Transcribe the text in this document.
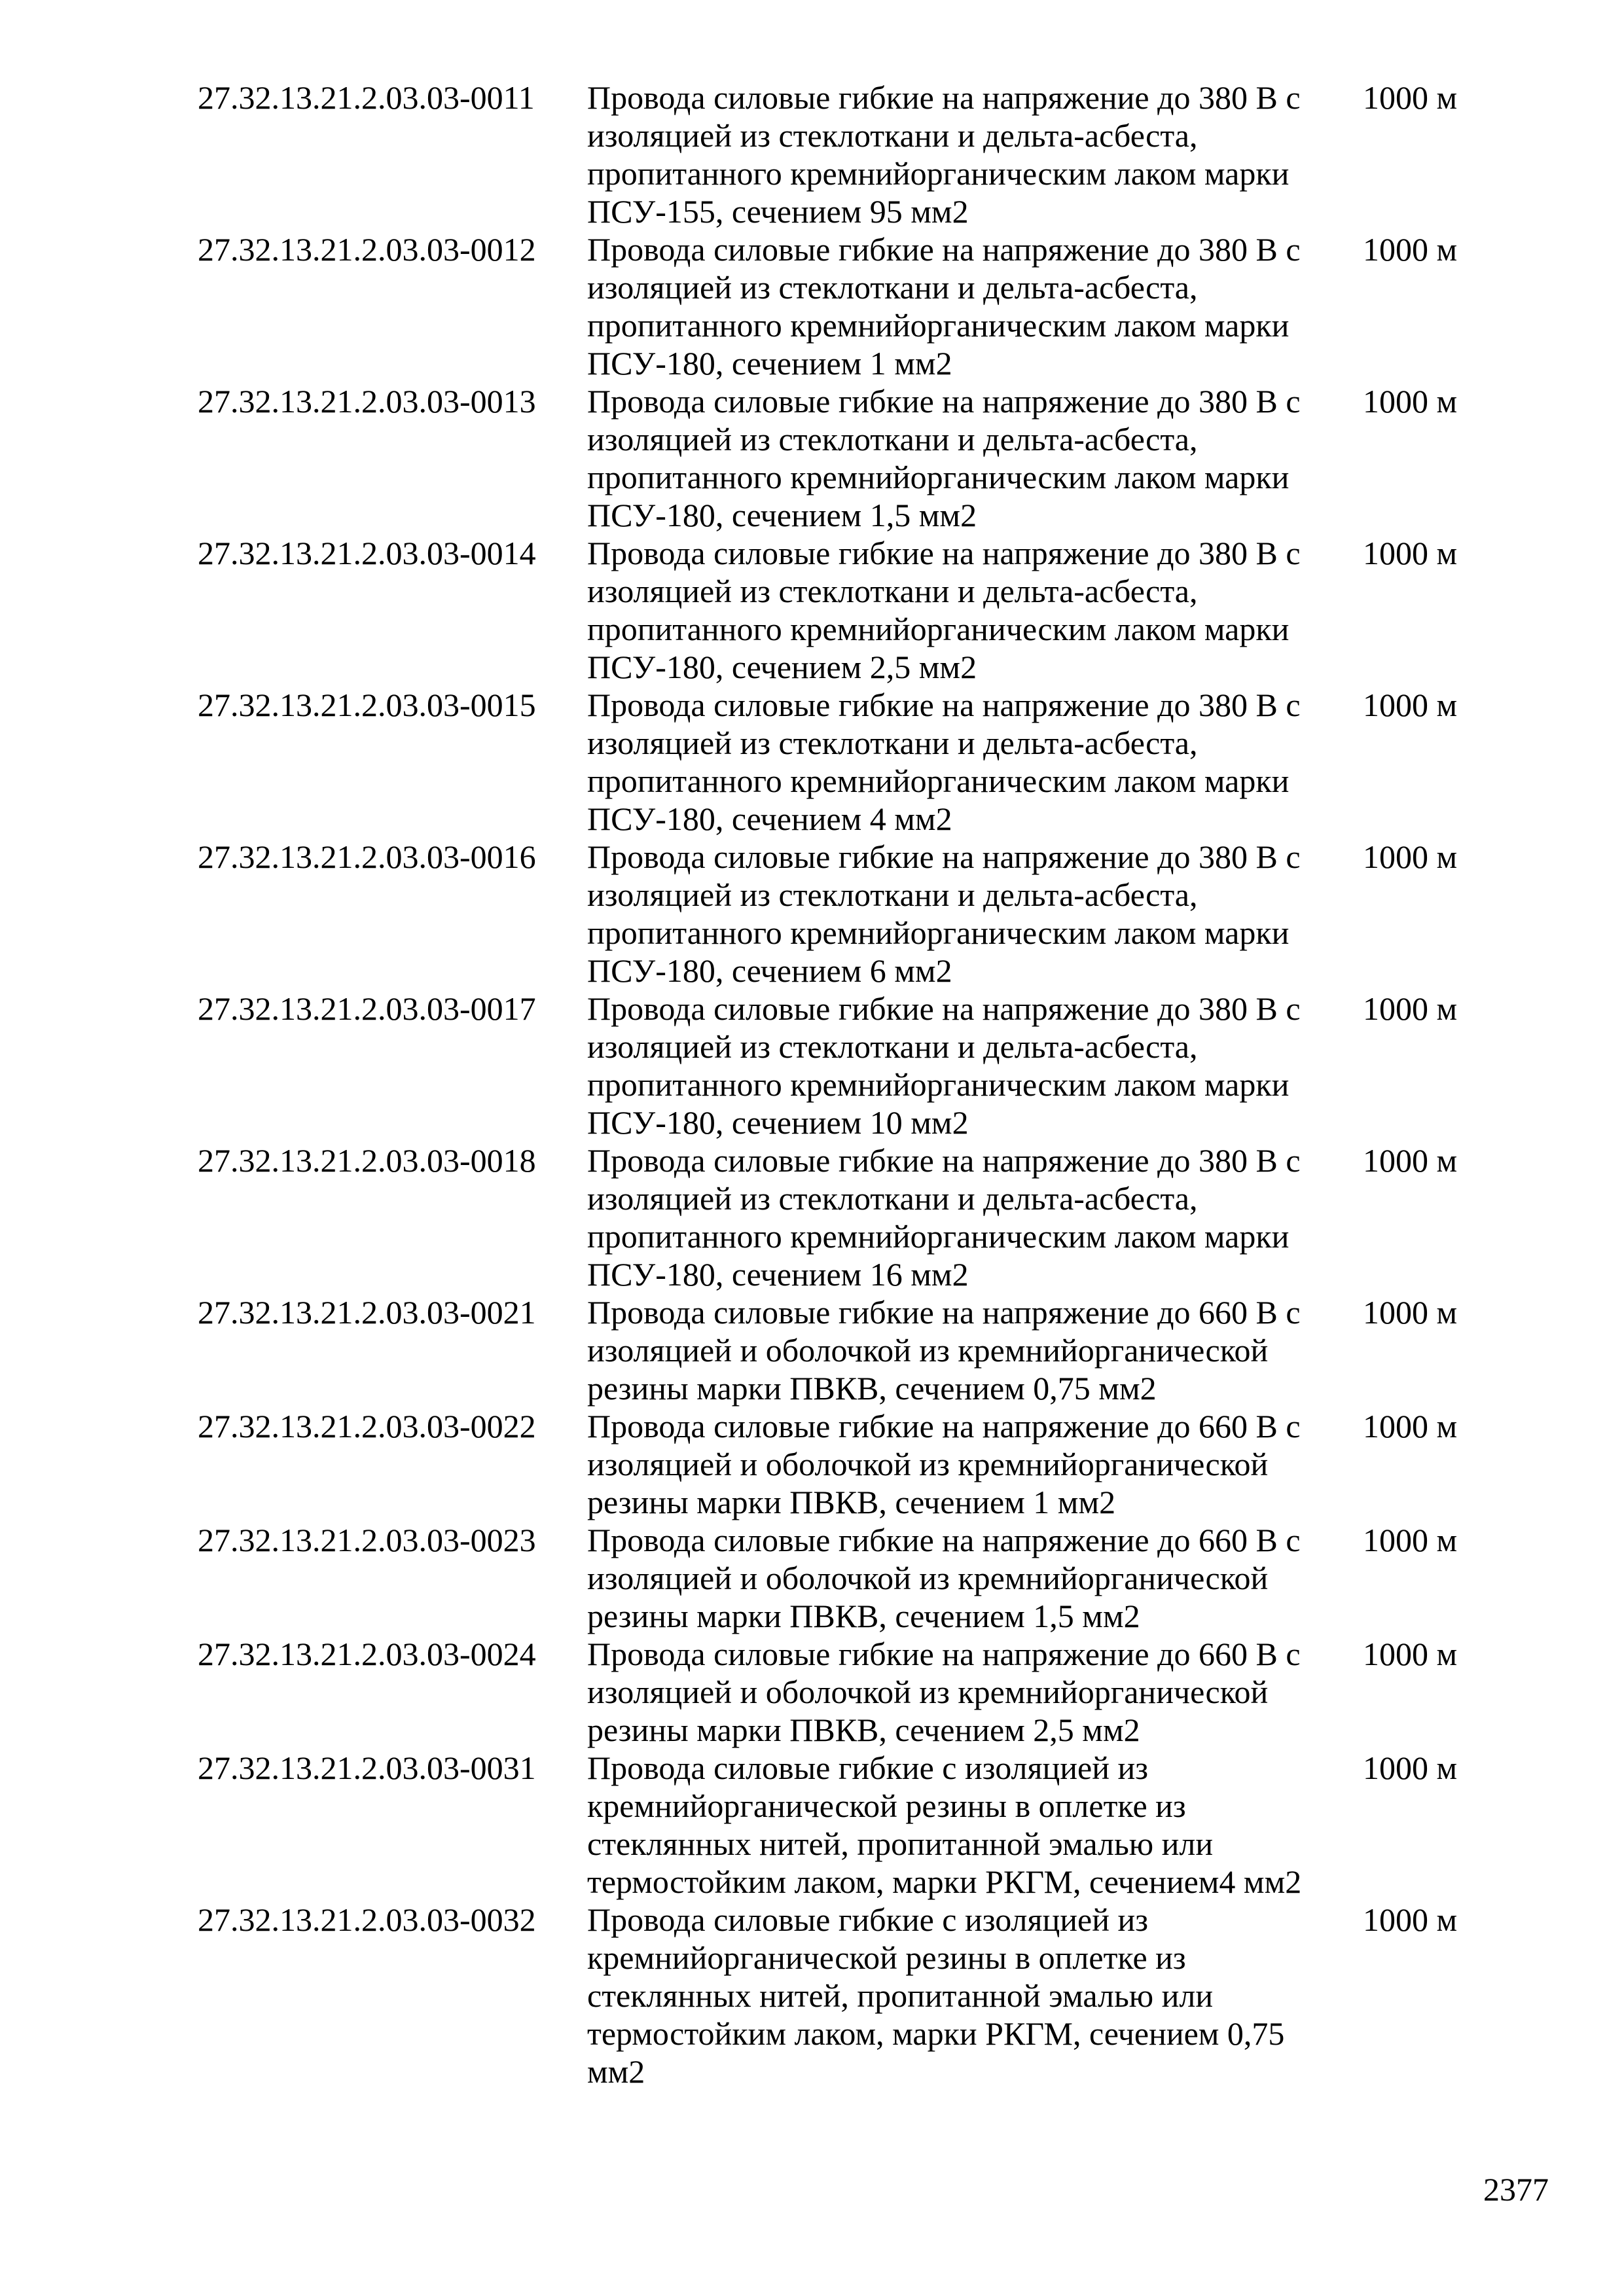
27.32.13.21.2.03.03-0011 Провода силовые гибкие на напряжение до 380 В с
изоляцией из стеклоткани и дельта-асбеста,
пропитанного кремнийорганическим лаком марки
ПСУ-155, сечением 95 мм2
1000 м
27.32.13.21.2.03.03-0012 Провода силовые гибкие на напряжение до 380 В с
изоляцией из стеклоткани и дельта-асбеста,
пропитанного кремнийорганическим лаком марки
ПСУ-180, сечением 1 мм2
1000 м
27.32.13.21.2.03.03-0013 Провода силовые гибкие на напряжение до 380 В с
изоляцией из стеклоткани и дельта-асбеста,
пропитанного кремнийорганическим лаком марки
ПСУ-180, сечением 1,5 мм2
1000 м
27.32.13.21.2.03.03-0014 Провода силовые гибкие на напряжение до 380 В с
изоляцией из стеклоткани и дельта-асбеста,
пропитанного кремнийорганическим лаком марки
ПСУ-180, сечением 2,5 мм2
1000 м
27.32.13.21.2.03.03-0015 Провода силовые гибкие на напряжение до 380 В с
изоляцией из стеклоткани и дельта-асбеста,
пропитанного кремнийорганическим лаком марки
ПСУ-180, сечением 4 мм2
1000 м
27.32.13.21.2.03.03-0016 Провода силовые гибкие на напряжение до 380 В с
изоляцией из стеклоткани и дельта-асбеста,
пропитанного кремнийорганическим лаком марки
ПСУ-180, сечением 6 мм2
1000 м
27.32.13.21.2.03.03-0017 Провода силовые гибкие на напряжение до 380 В с
изоляцией из стеклоткани и дельта-асбеста,
пропитанного кремнийорганическим лаком марки
ПСУ-180, сечением 10 мм2
1000 м
27.32.13.21.2.03.03-0018 Провода силовые гибкие на напряжение до 380 В с
изоляцией из стеклоткани и дельта-асбеста,
пропитанного кремнийорганическим лаком марки
ПСУ-180, сечением 16 мм2
1000 м
27.32.13.21.2.03.03-0021 Провода силовые гибкие на напряжение до 660 В с
изоляцией и оболочкой из кремнийорганической
резины марки ПВКВ, сечением 0,75 мм2
1000 м
27.32.13.21.2.03.03-0022 Провода силовые гибкие на напряжение до 660 В с
изоляцией и оболочкой из кремнийорганической
резины марки ПВКВ, сечением 1 мм2
1000 м
27.32.13.21.2.03.03-0023 Провода силовые гибкие на напряжение до 660 В с
изоляцией и оболочкой из кремнийорганической
резины марки ПВКВ, сечением 1,5 мм2
1000 м
27.32.13.21.2.03.03-0024 Провода силовые гибкие на напряжение до 660 В с
изоляцией и оболочкой из кремнийорганической
резины марки ПВКВ, сечением 2,5 мм2
1000 м
27.32.13.21.2.03.03-0031 Провода силовые гибкие с изоляцией из
кремнийорганической резины в оплетке из
стеклянных нитей, пропитанной эмалью или
термостойким лаком, марки РКГМ, сечением4 мм2
1000 м
27.32.13.21.2.03.03-0032 Провода силовые гибкие с изоляцией из
кремнийорганической резины в оплетке из
стеклянных нитей, пропитанной эмалью или
термостойким лаком, марки РКГМ, сечением 0,75
мм2
1000 м
2377
